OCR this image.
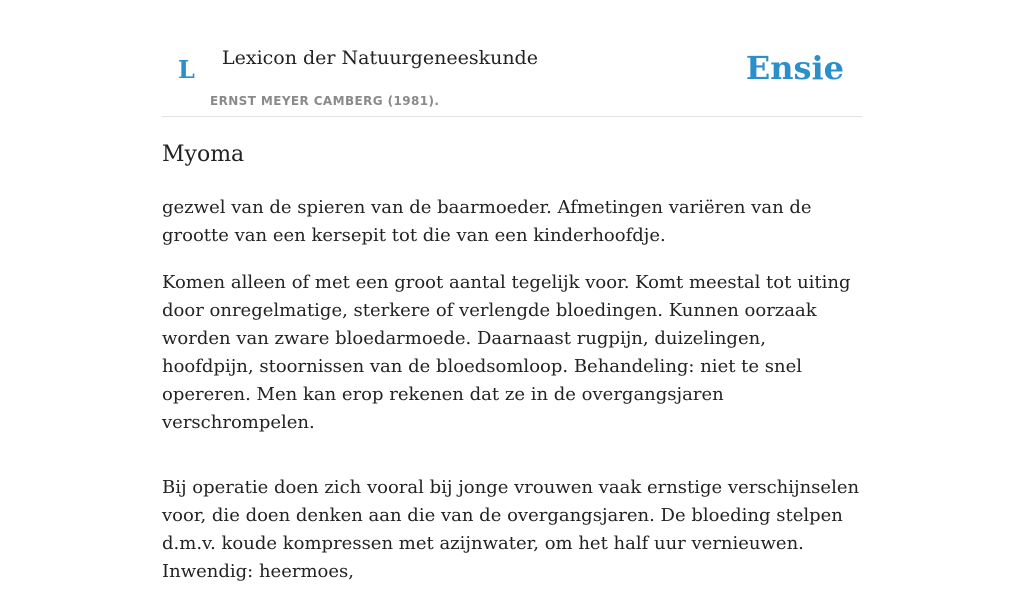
L Lexicon der Natuurgeneeskunde
ERNST MEYER CAMBERG (1981).
Ensie
Myoma

gezwel van de spieren van de baarmoeder. Afmetingen variëren van de grootte van een kersepit tot die van een kinderhoofdje.

Komen alleen of met een groot aantal tegelijk voor. Komt meestal tot uiting door onregelmatige, sterkere of verlengde bloedingen. Kunnen oorzaak worden van zware bloedarmoede. Daarnaast rugpijn, duizelingen, hoofdpijn, stoornissen van de bloedsomloop. Behandeling: niet te snel opereren. Men kan erop rekenen dat ze in de overgangsjaren verschrompelen.

Bij operatie doen zich vooral bij jonge vrouwen vaak ernstige verschijnselen voor, die doen denken aan die van de overgangsjaren. De bloeding stelpen d.m.v. koude kompressen met azijnwater, om het half uur vernieuwen. Inwendig: heermoes,
